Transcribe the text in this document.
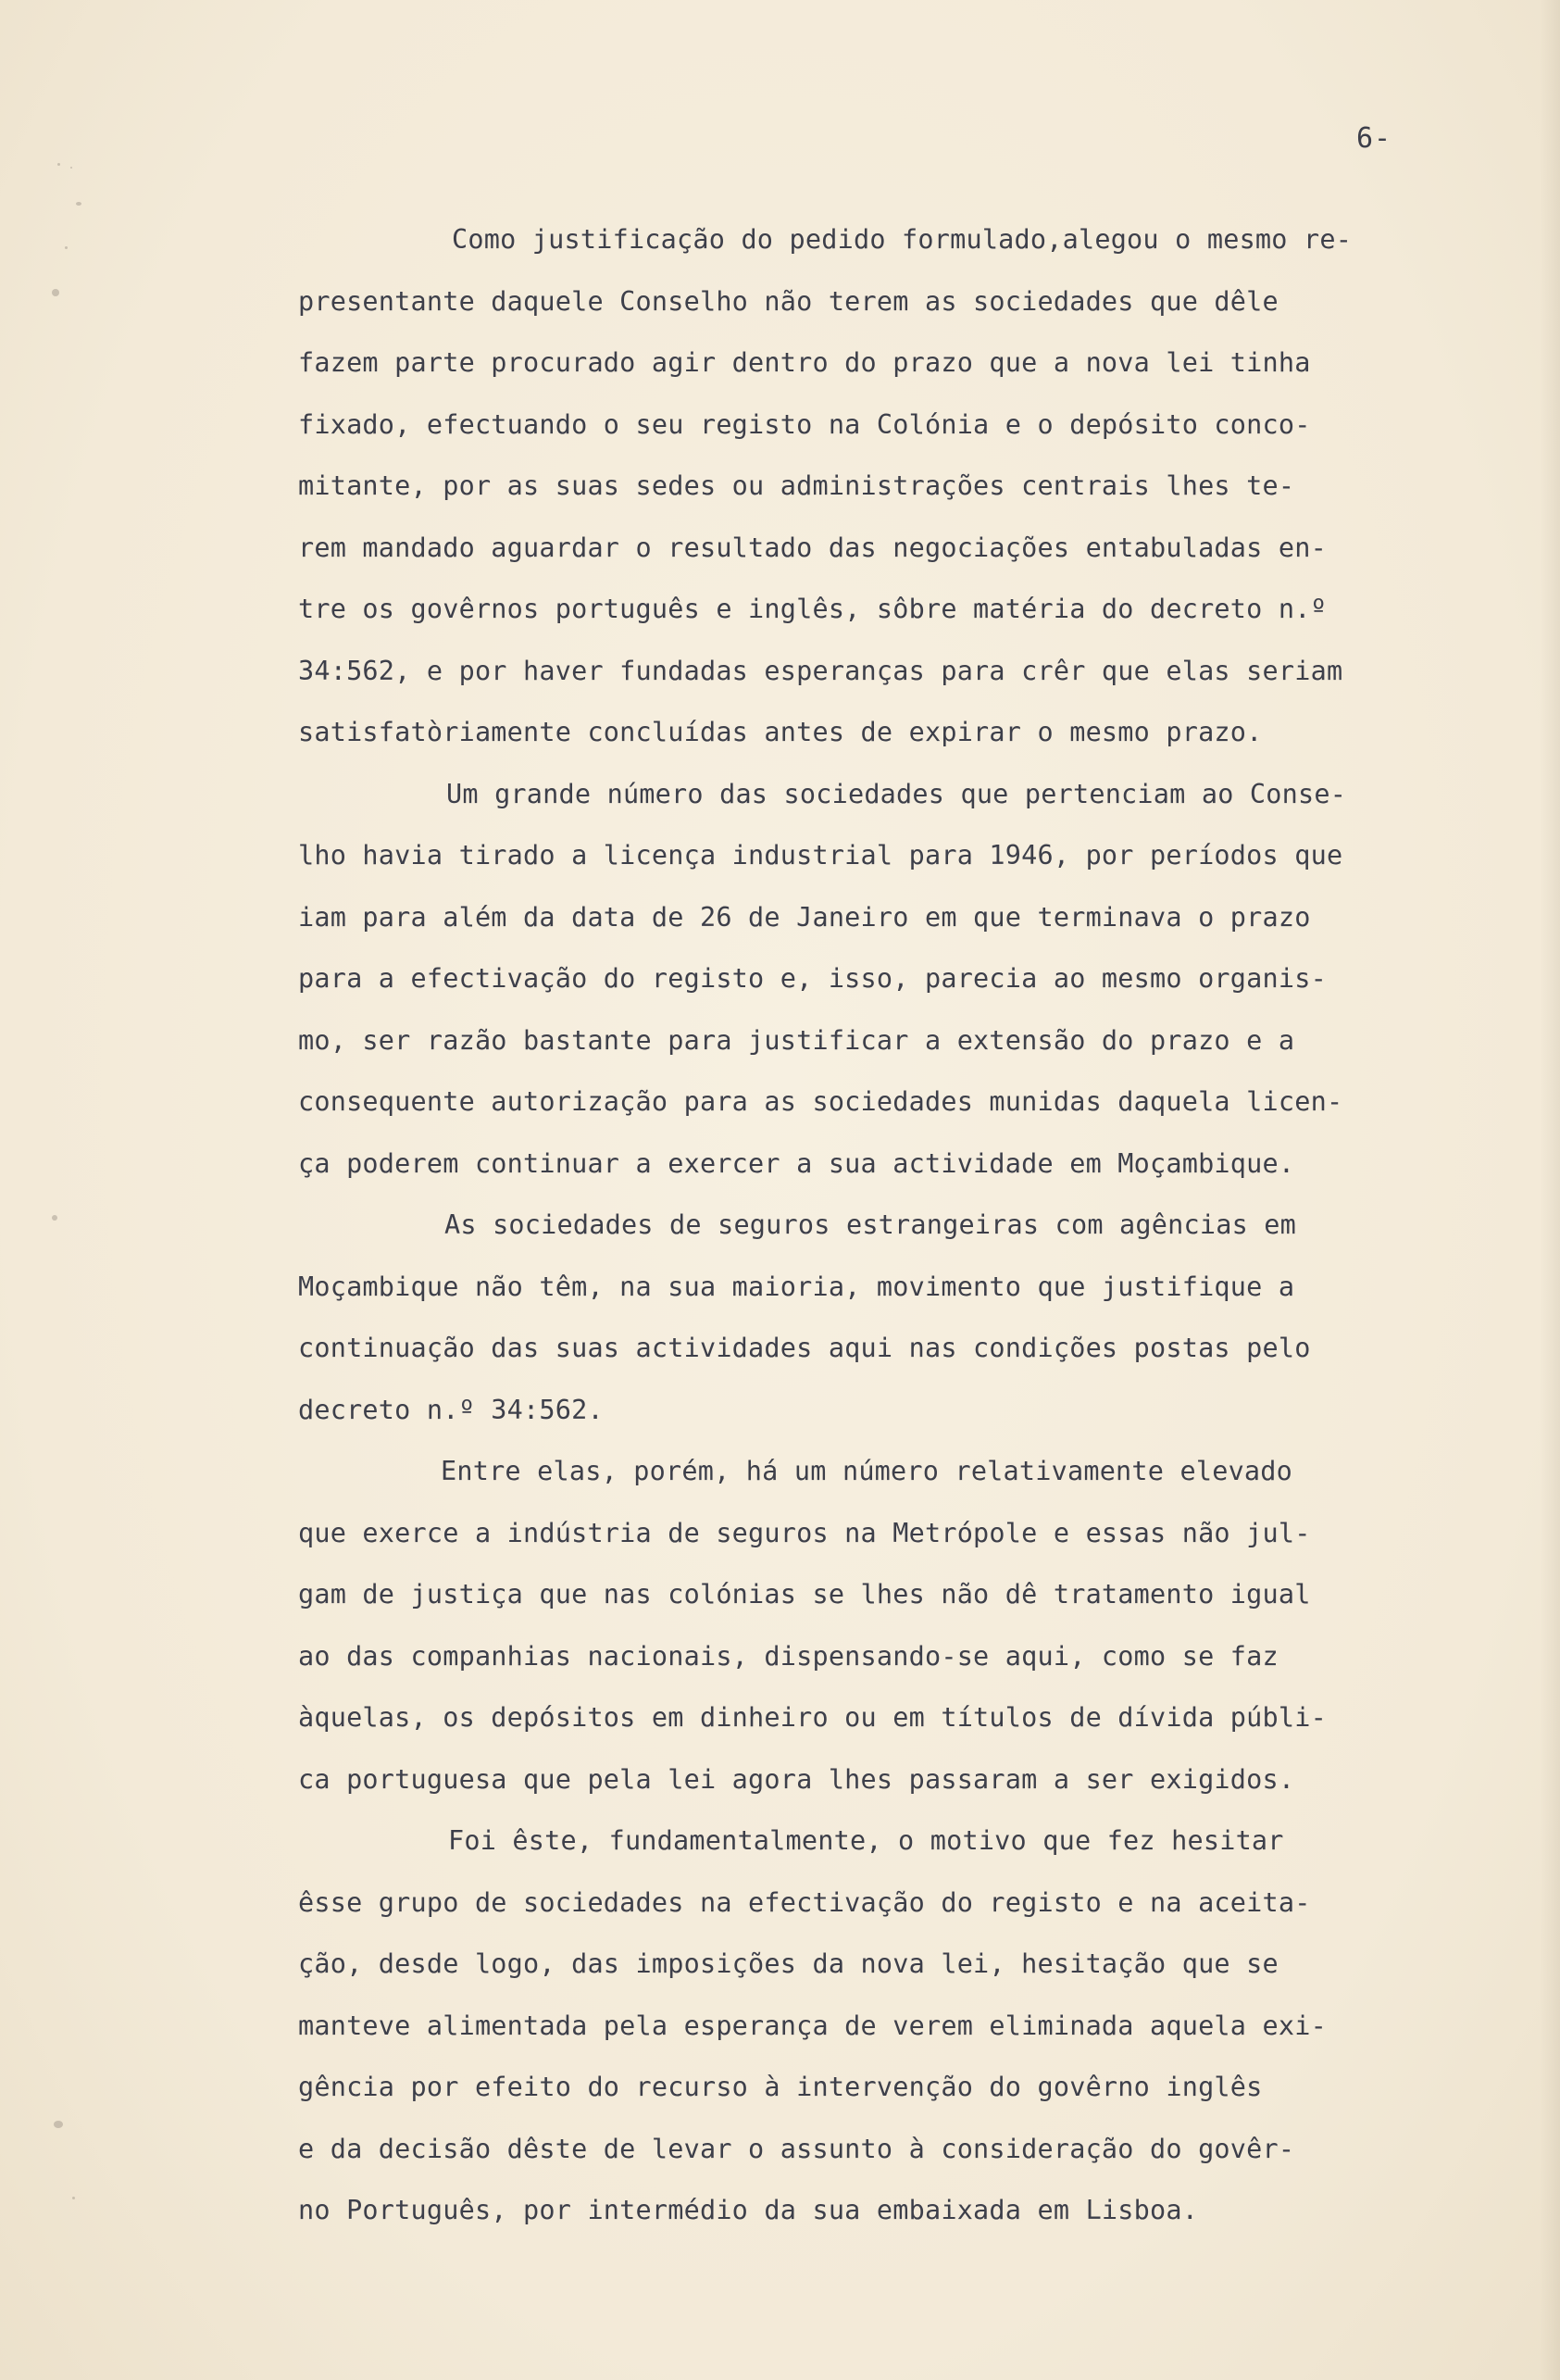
6-
Como justificação do pedido formulado,alegou o mesmo re-
presentante daquele Conselho não terem as sociedades que dêle
fazem parte procurado agir dentro do prazo que a nova lei tinha
fixado, efectuando o seu registo na Colónia e o depósito conco-
mitante, por as suas sedes ou administrações centrais lhes te-
rem mandado aguardar o resultado das negociações entabuladas en-
tre os govêrnos português e inglês, sôbre matéria do decreto n.º
34:562, e por haver fundadas esperanças para crêr que elas seriam
satisfatòriamente concluídas antes de expirar o mesmo prazo.
Um grande número das sociedades que pertenciam ao Conse-
lho havia tirado a licença industrial para 1946, por períodos que
iam para além da data de 26 de Janeiro em que terminava o prazo
para a efectivação do registo e, isso, parecia ao mesmo organis-
mo, ser razão bastante para justificar a extensão do prazo e a
consequente autorização para as sociedades munidas daquela licen-
ça poderem continuar a exercer a sua actividade em Moçambique.
As sociedades de seguros estrangeiras com agências em
Moçambique não têm, na sua maioria, movimento que justifique a
continuação das suas actividades aqui nas condições postas pelo
decreto n.º 34:562.
Entre elas, porém, há um número relativamente elevado
que exerce a indústria de seguros na Metrópole e essas não jul-
gam de justiça que nas colónias se lhes não dê tratamento igual
ao das companhias nacionais, dispensando-se aqui, como se faz
àquelas, os depósitos em dinheiro ou em títulos de dívida públi-
ca portuguesa que pela lei agora lhes passaram a ser exigidos.
Foi êste, fundamentalmente, o motivo que fez hesitar
êsse grupo de sociedades na efectivação do registo e na aceita-
ção, desde logo, das imposições da nova lei, hesitação que se
manteve alimentada pela esperança de verem eliminada aquela exi-
gência por efeito do recurso à intervenção do govêrno inglês
e da decisão dêste de levar o assunto à consideração do govêr-
no Português, por intermédio da sua embaixada em Lisboa.
